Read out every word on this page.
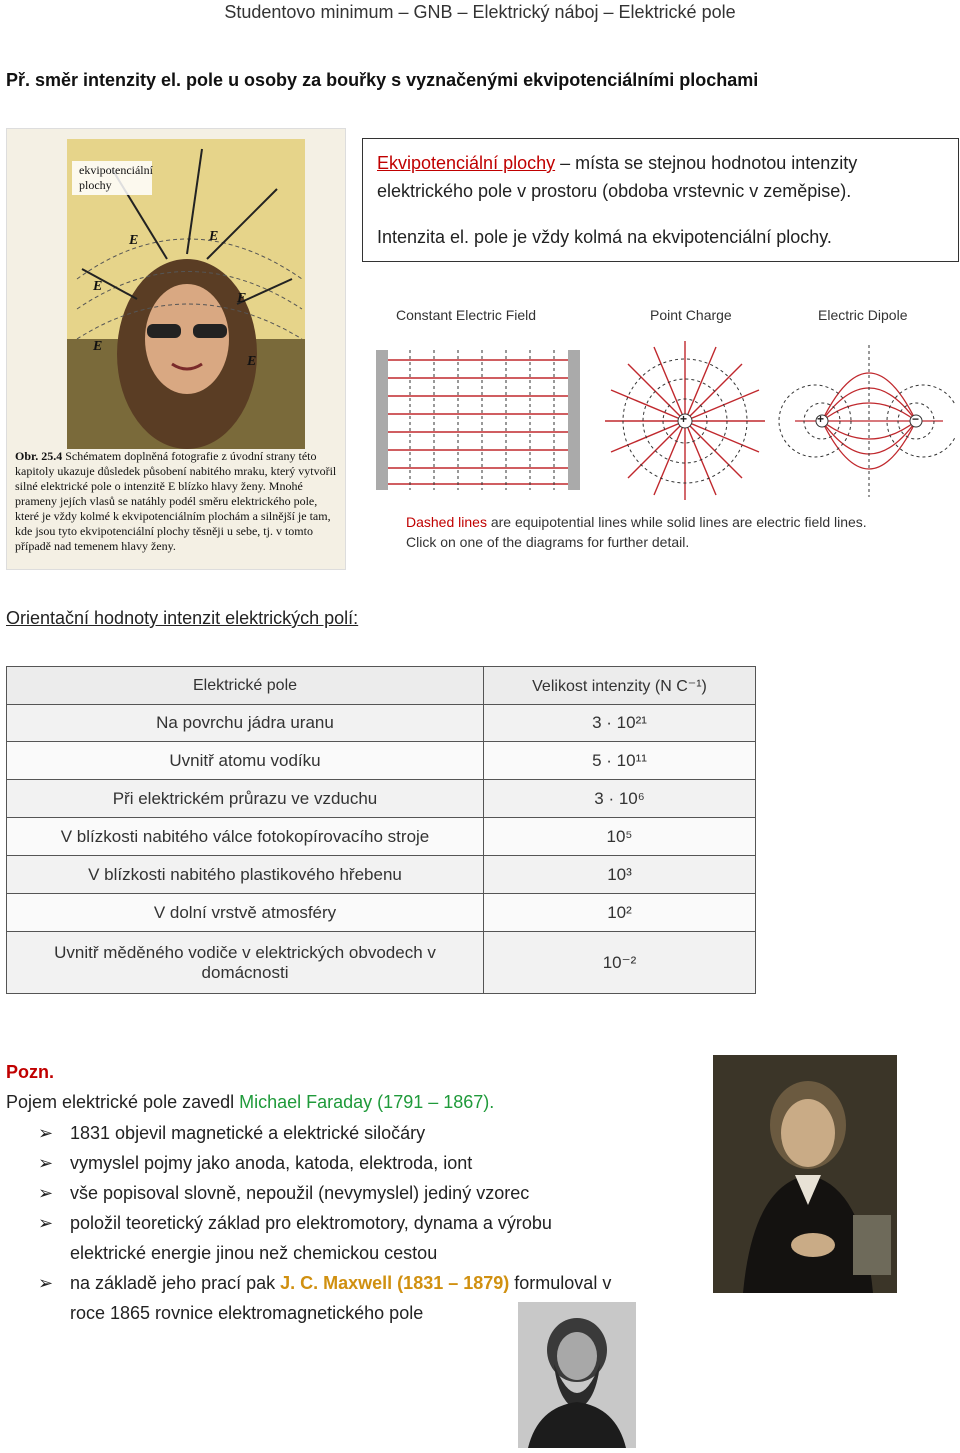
Studentovo minimum – GNB – Elektrický náboj – Elektrické pole
Př. směr intenzity el. pole u osoby za bouřky s vyznačenými ekvipotenciálními plochami
ekvipotenciální plochy
E	E
E
E
E
E
Obr. 25.4 Schématem doplněná fotografie z úvodní strany této kapitoly ukazuje důsledek působení nabitého mraku, který vytvořil silné elektrické pole o intenzitě E blízko hlavy ženy. Mnohé prameny jejích vlasů se natáhly podél směru elektrického pole, které je vždy kolmé k ekvipotenciálním plochám a silnější je tam, kde jsou tyto ekvipotenciální plochy těsněji u sebe, tj. v tomto případě nad temenem hlavy ženy.
Ekvipotenciální plochy – místa se stejnou hodnotou intenzity elektrického pole v prostoru (obdoba vrstevnic v zeměpise).
Intenzita el. pole je vždy kolmá na ekvipotenciální plochy.
Constant Electric Field	Point Charge	Electric Dipole
+	+	−
Dashed lines are equipotential lines while solid lines are electric field lines.
Click on one of the diagrams for further detail.
Orientační hodnoty intenzit elektrických polí:
Elektrické pole	Velikost intenzity (N C⁻¹)
Na povrchu jádra uranu	3 · 10²¹
Uvnitř atomu vodíku	5 · 10¹¹
Při elektrickém průrazu ve vzduchu	3 · 10⁶
V blízkosti nabitého válce fotokopírovacího stroje	10⁵
V blízkosti nabitého plastikového hřebenu	10³
V dolní vrstvě atmosféry	10²
Uvnitř měděného vodiče v elektrických obvodech v domácnosti	10⁻²
Pozn.
Pojem elektrické pole zavedl Michael Faraday (1791 – 1867).
➢ 1831 objevil magnetické a elektrické siločáry
➢ vymyslel pojmy jako anoda, katoda, elektroda, iont
➢ vše popisoval slovně, nepoužil (nevymyslel) jediný vzorec
➢ položil teoretický základ pro elektromotory, dynama a výrobu elektrické energie jinou než chemickou cestou
➢ na základě jeho prací pak J. C. Maxwell (1831 – 1879) formuloval v roce 1865 rovnice elektromagnetického pole
